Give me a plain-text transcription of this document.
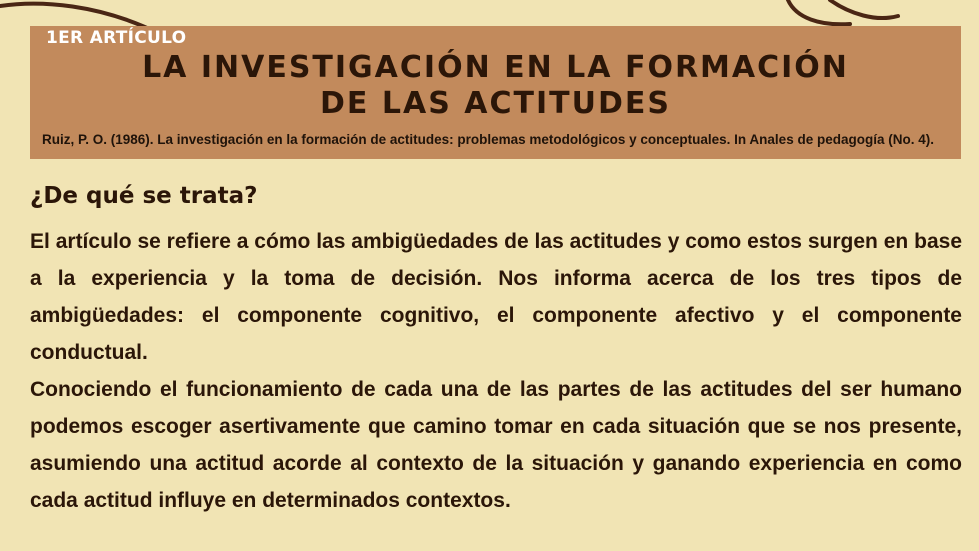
1ER ARTÍCULO
LA INVESTIGACIÓN EN LA FORMACIÓN
DE LAS ACTITUDES
Ruiz, P. O. (1986). La investigación en la formación de actitudes: problemas metodológicos y conceptuales. In Anales de pedagogía (No. 4).
¿De qué se trata?

El artículo se refiere a cómo las ambigüedades de las actitudes y como estos surgen en base a la experiencia y la toma de decisión. Nos informa acerca de los tres tipos de ambigüedades: el componente cognitivo, el componente afectivo y el componente conductual.

Conociendo el funcionamiento de cada una de las partes de las actitudes del ser humano podemos escoger asertivamente que camino tomar en cada situación que se nos presente, asumiendo una actitud acorde al contexto de la situación y ganando experiencia en como cada actitud influye en determinados contextos.
